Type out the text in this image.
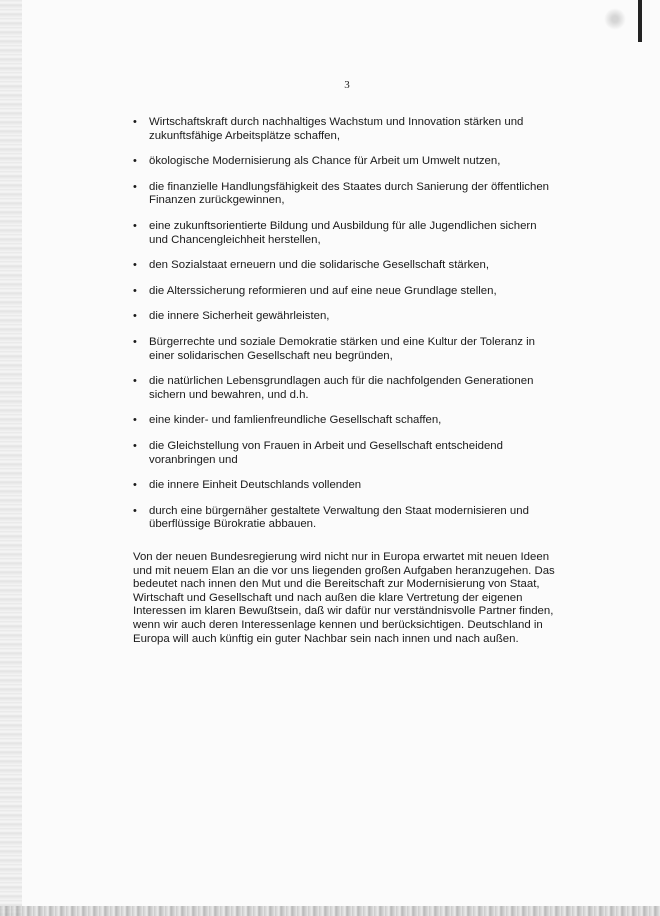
3
• Wirtschaftskraft durch nachhaltiges Wachstum und Innovation stärken und zukunftsfähige Arbeitsplätze schaffen,
• ökologische Modernisierung als Chance für Arbeit um Umwelt nutzen,
• die finanzielle Handlungsfähigkeit des Staates durch Sanierung der öffentlichen Finanzen zurückgewinnen,
• eine zukunftsorientierte Bildung und Ausbildung für alle Jugendlichen sichern und Chancengleichheit herstellen,
• den Sozialstaat erneuern und die solidarische Gesellschaft stärken,
• die Alterssicherung reformieren und auf eine neue Grundlage stellen,
• die innere Sicherheit gewährleisten,
• Bürgerrechte und soziale Demokratie stärken und eine Kultur der Toleranz in einer solidarischen Gesellschaft neu begründen,
• die natürlichen Lebensgrundlagen auch für die nachfolgenden Generationen sichern und bewahren, und d.h.
• eine kinder- und famlienfreundliche Gesellschaft schaffen,
• die Gleichstellung von Frauen in Arbeit und Gesellschaft entscheidend voranbringen und
• die innere Einheit Deutschlands vollenden
• durch eine bürgernäher gestaltete Verwaltung den Staat modernisieren und überflüssige Bürokratie abbauen.

Von der neuen Bundesregierung wird nicht nur in Europa erwartet mit neuen Ideen und mit neuem Elan an die vor uns liegenden großen Aufgaben heranzugehen. Das bedeutet nach innen den Mut und die Bereitschaft zur Modernisierung von Staat, Wirtschaft und Gesellschaft und nach außen die klare Vertretung der eigenen Interessen im klaren Bewußtsein, daß wir dafür nur verständnisvolle Partner finden, wenn wir auch deren Interessenlage kennen und berücksichtigen. Deutschland in Europa will auch künftig ein guter Nachbar sein nach innen und nach außen.
